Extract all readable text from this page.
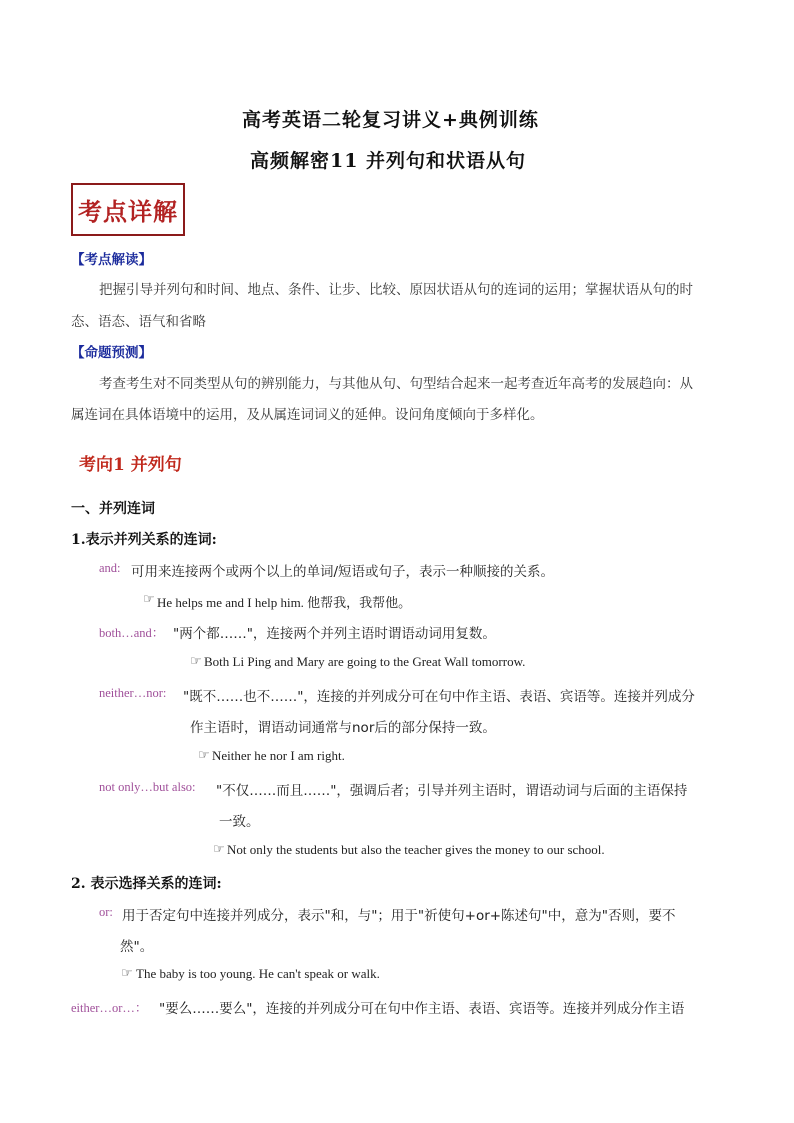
高考英语二轮复习讲义+典例训练
高频解密11 并列句和状语从句
考点详解
【考点解读】
把握引导并列句和时间、地点、条件、让步、比较、原因状语从句的连词的运用；掌握状语从句的时
态、语态、语气和省略
【命题预测】
考查考生对不同类型从句的辨别能力，与其他从句、句型结合起来一起考查近年高考的发展趋向：从
属连词在具体语境中的运用，及从属连词词义的延伸。设问角度倾向于多样化。
考向1 并列句
一、并列连词
1.表示并列关系的连词:
and: 可用来连接两个或两个以上的单词/短语或句子，表示一种顺接的关系。
☞ He helps me and I help him. 他帮我，我帮他。
both…and： "两个都……"，连接两个并列主语时谓语动词用复数。
☞ Both Li Ping and Mary are going to the Great Wall tomorrow.
neither…nor: "既不……也不……"，连接的并列成分可在句中作主语、表语、宾语等。连接并列成分
作主语时，谓语动词通常与nor后的部分保持一致。
☞ Neither he nor I am right.
not only…but also: "不仅……而且……"，强调后者；引导并列主语时，谓语动词与后面的主语保持
一致。
☞ Not only the students but also the teacher gives the money to our school.
2. 表示选择关系的连词:
or: 用于否定句中连接并列成分，表示"和，与"；用于"祈使句+or+陈述句"中，意为"否则，要不
然"。
☞ The baby is too young. He can't speak or walk.
either…or…： "要么……要么"，连接的并列成分可在句中作主语、表语、宾语等。连接并列成分作主语
